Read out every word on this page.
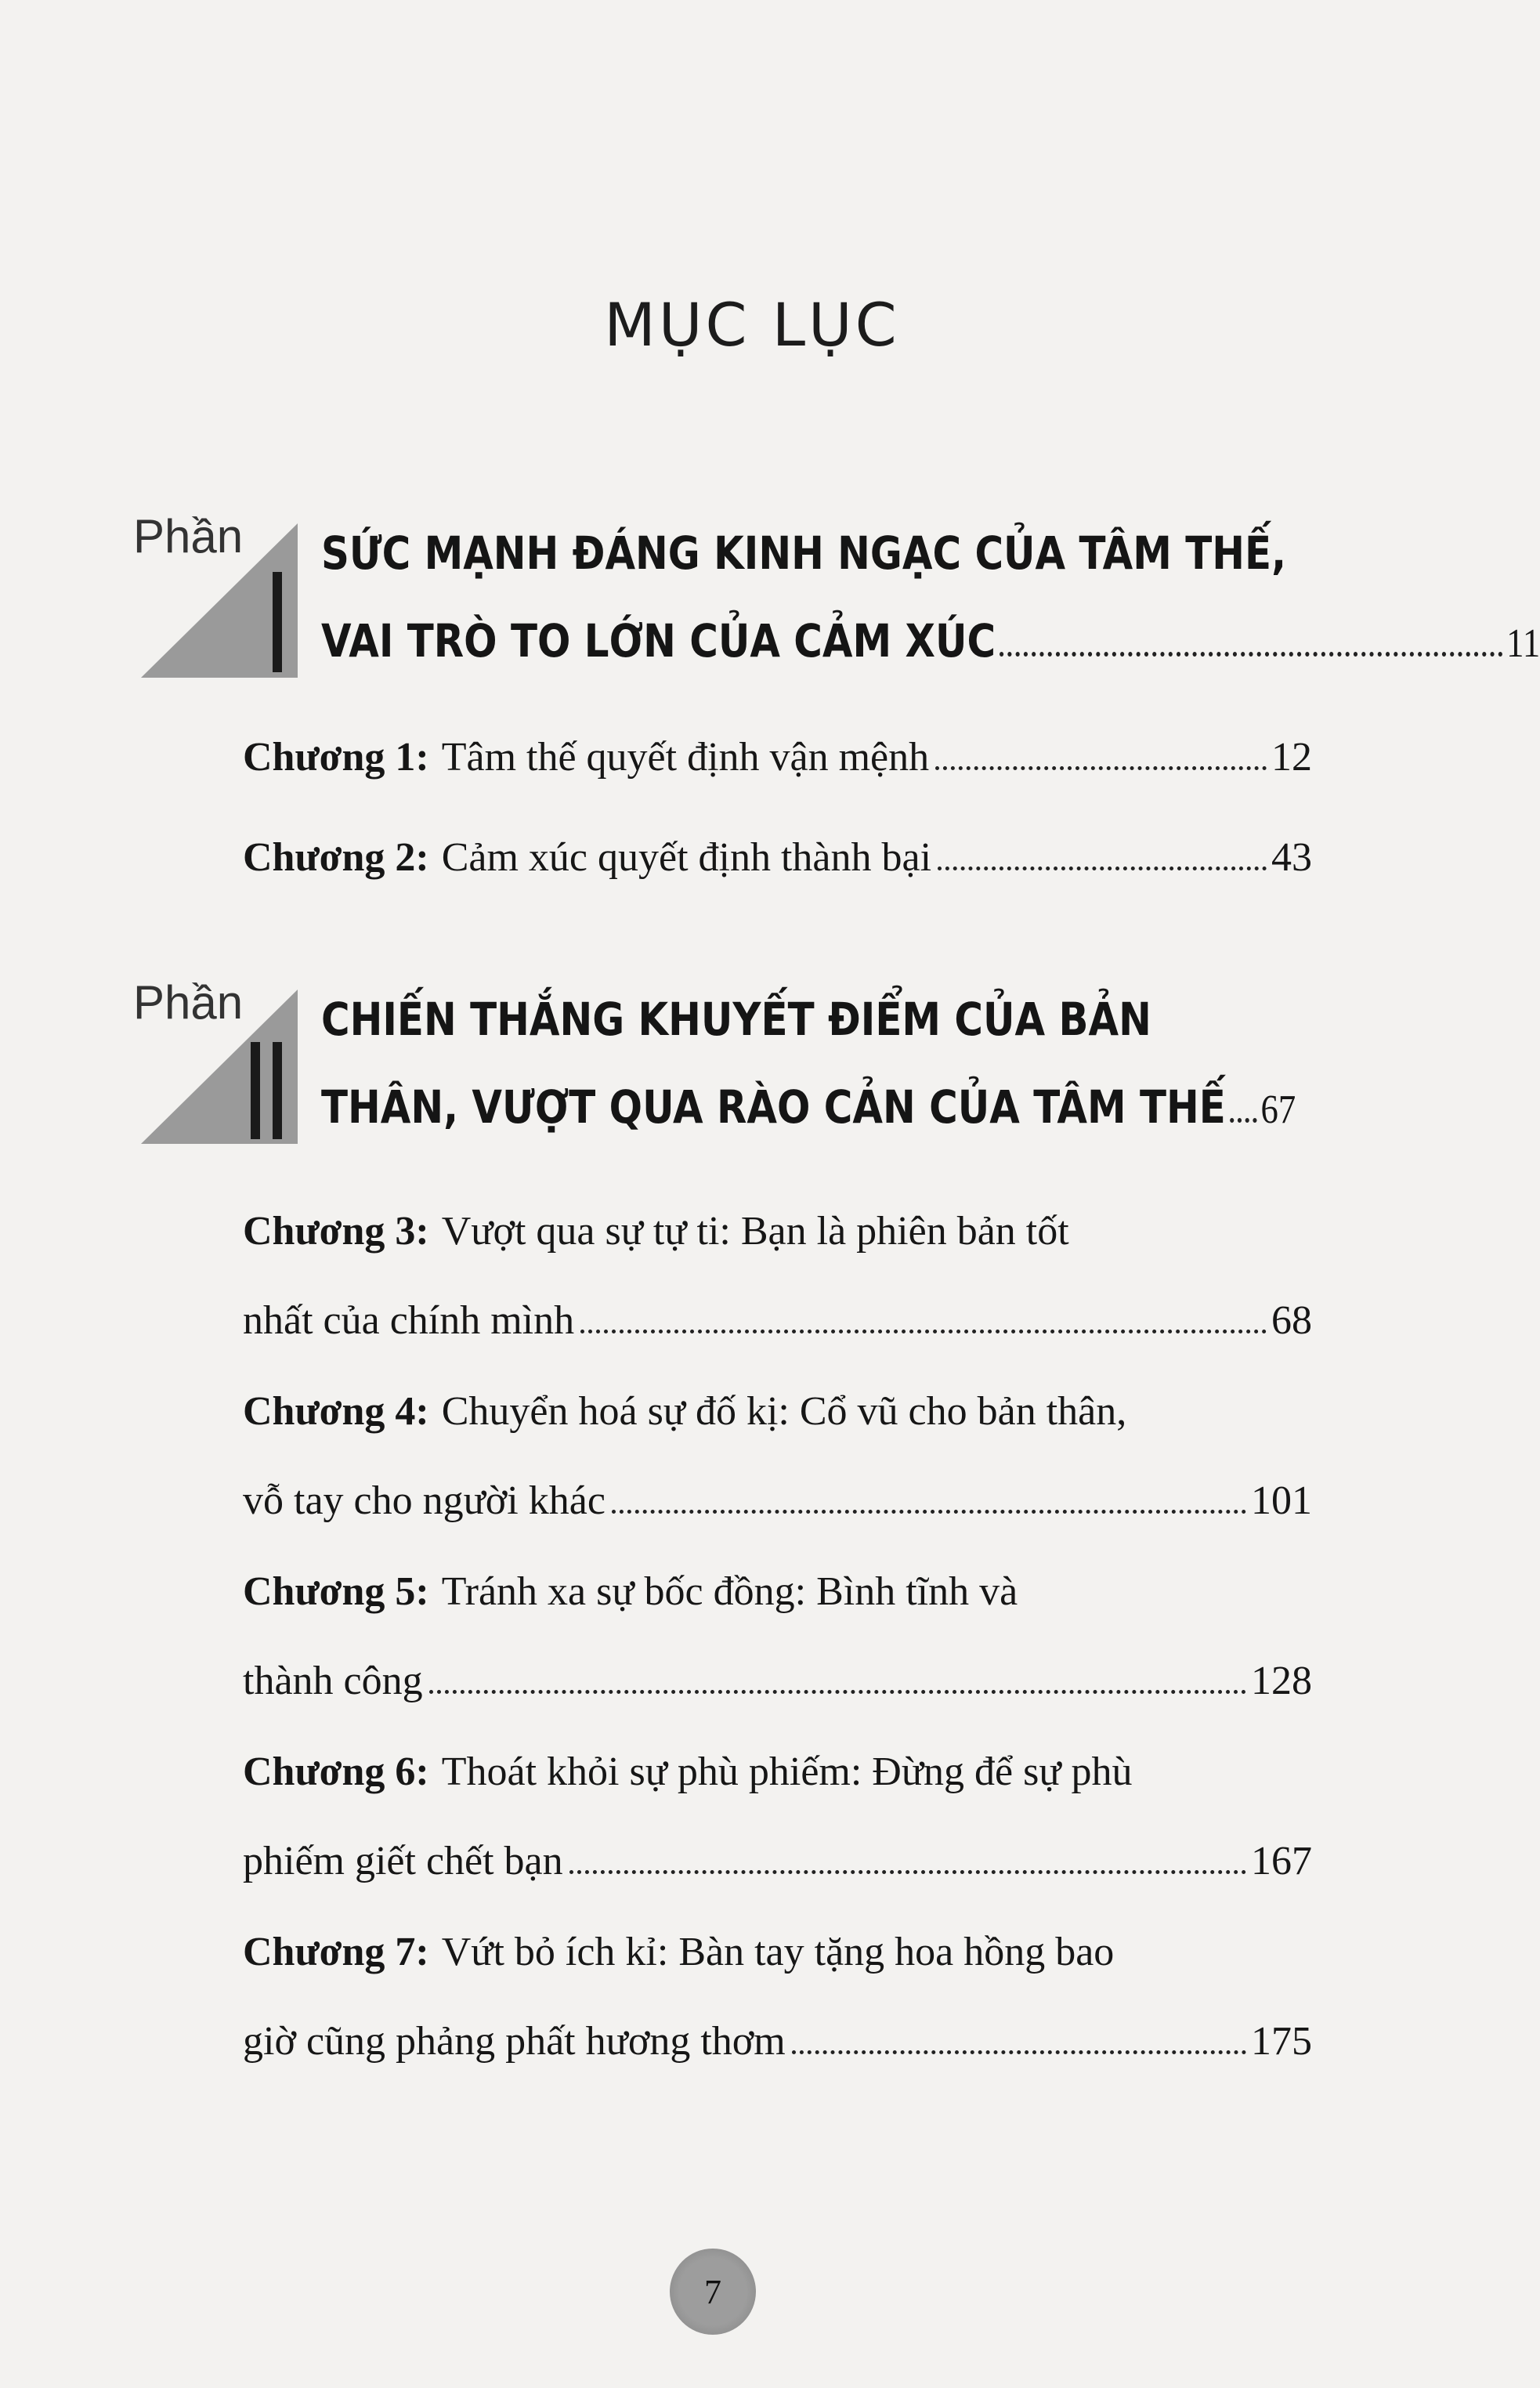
MỤC LỤC
Phần SỨC MẠNH ĐÁNG KINH NGẠC CỦA TÂM THẾ,
VAI TRÒ TO LỚN CỦA CẢM XÚC	11
Chương 1: Tâm thế quyết định vận mệnh	12
Chương 2: Cảm xúc quyết định thành bại	43
Phần CHIẾN THẮNG KHUYẾT ĐIỂM CỦA BẢN
THÂN, VƯỢT QUA RÀO CẢN CỦA TÂM THẾ 67
Chương 3: Vượt qua sự tự ti: Bạn là phiên bản tốt
nhất của chính mình	68
Chương 4: Chuyển hoá sự đố kị: Cổ vũ cho bản thân,
vỗ tay cho người khác	101
Chương 5: Tránh xa sự bốc đồng: Bình tĩnh và
thành công	128
Chương 6: Thoát khỏi sự phù phiếm: Đừng để sự phù
phiếm giết chết bạn	167
Chương 7: Vứt bỏ ích kỉ: Bàn tay tặng hoa hồng bao
giờ cũng phảng phất hương thơm	175
7
